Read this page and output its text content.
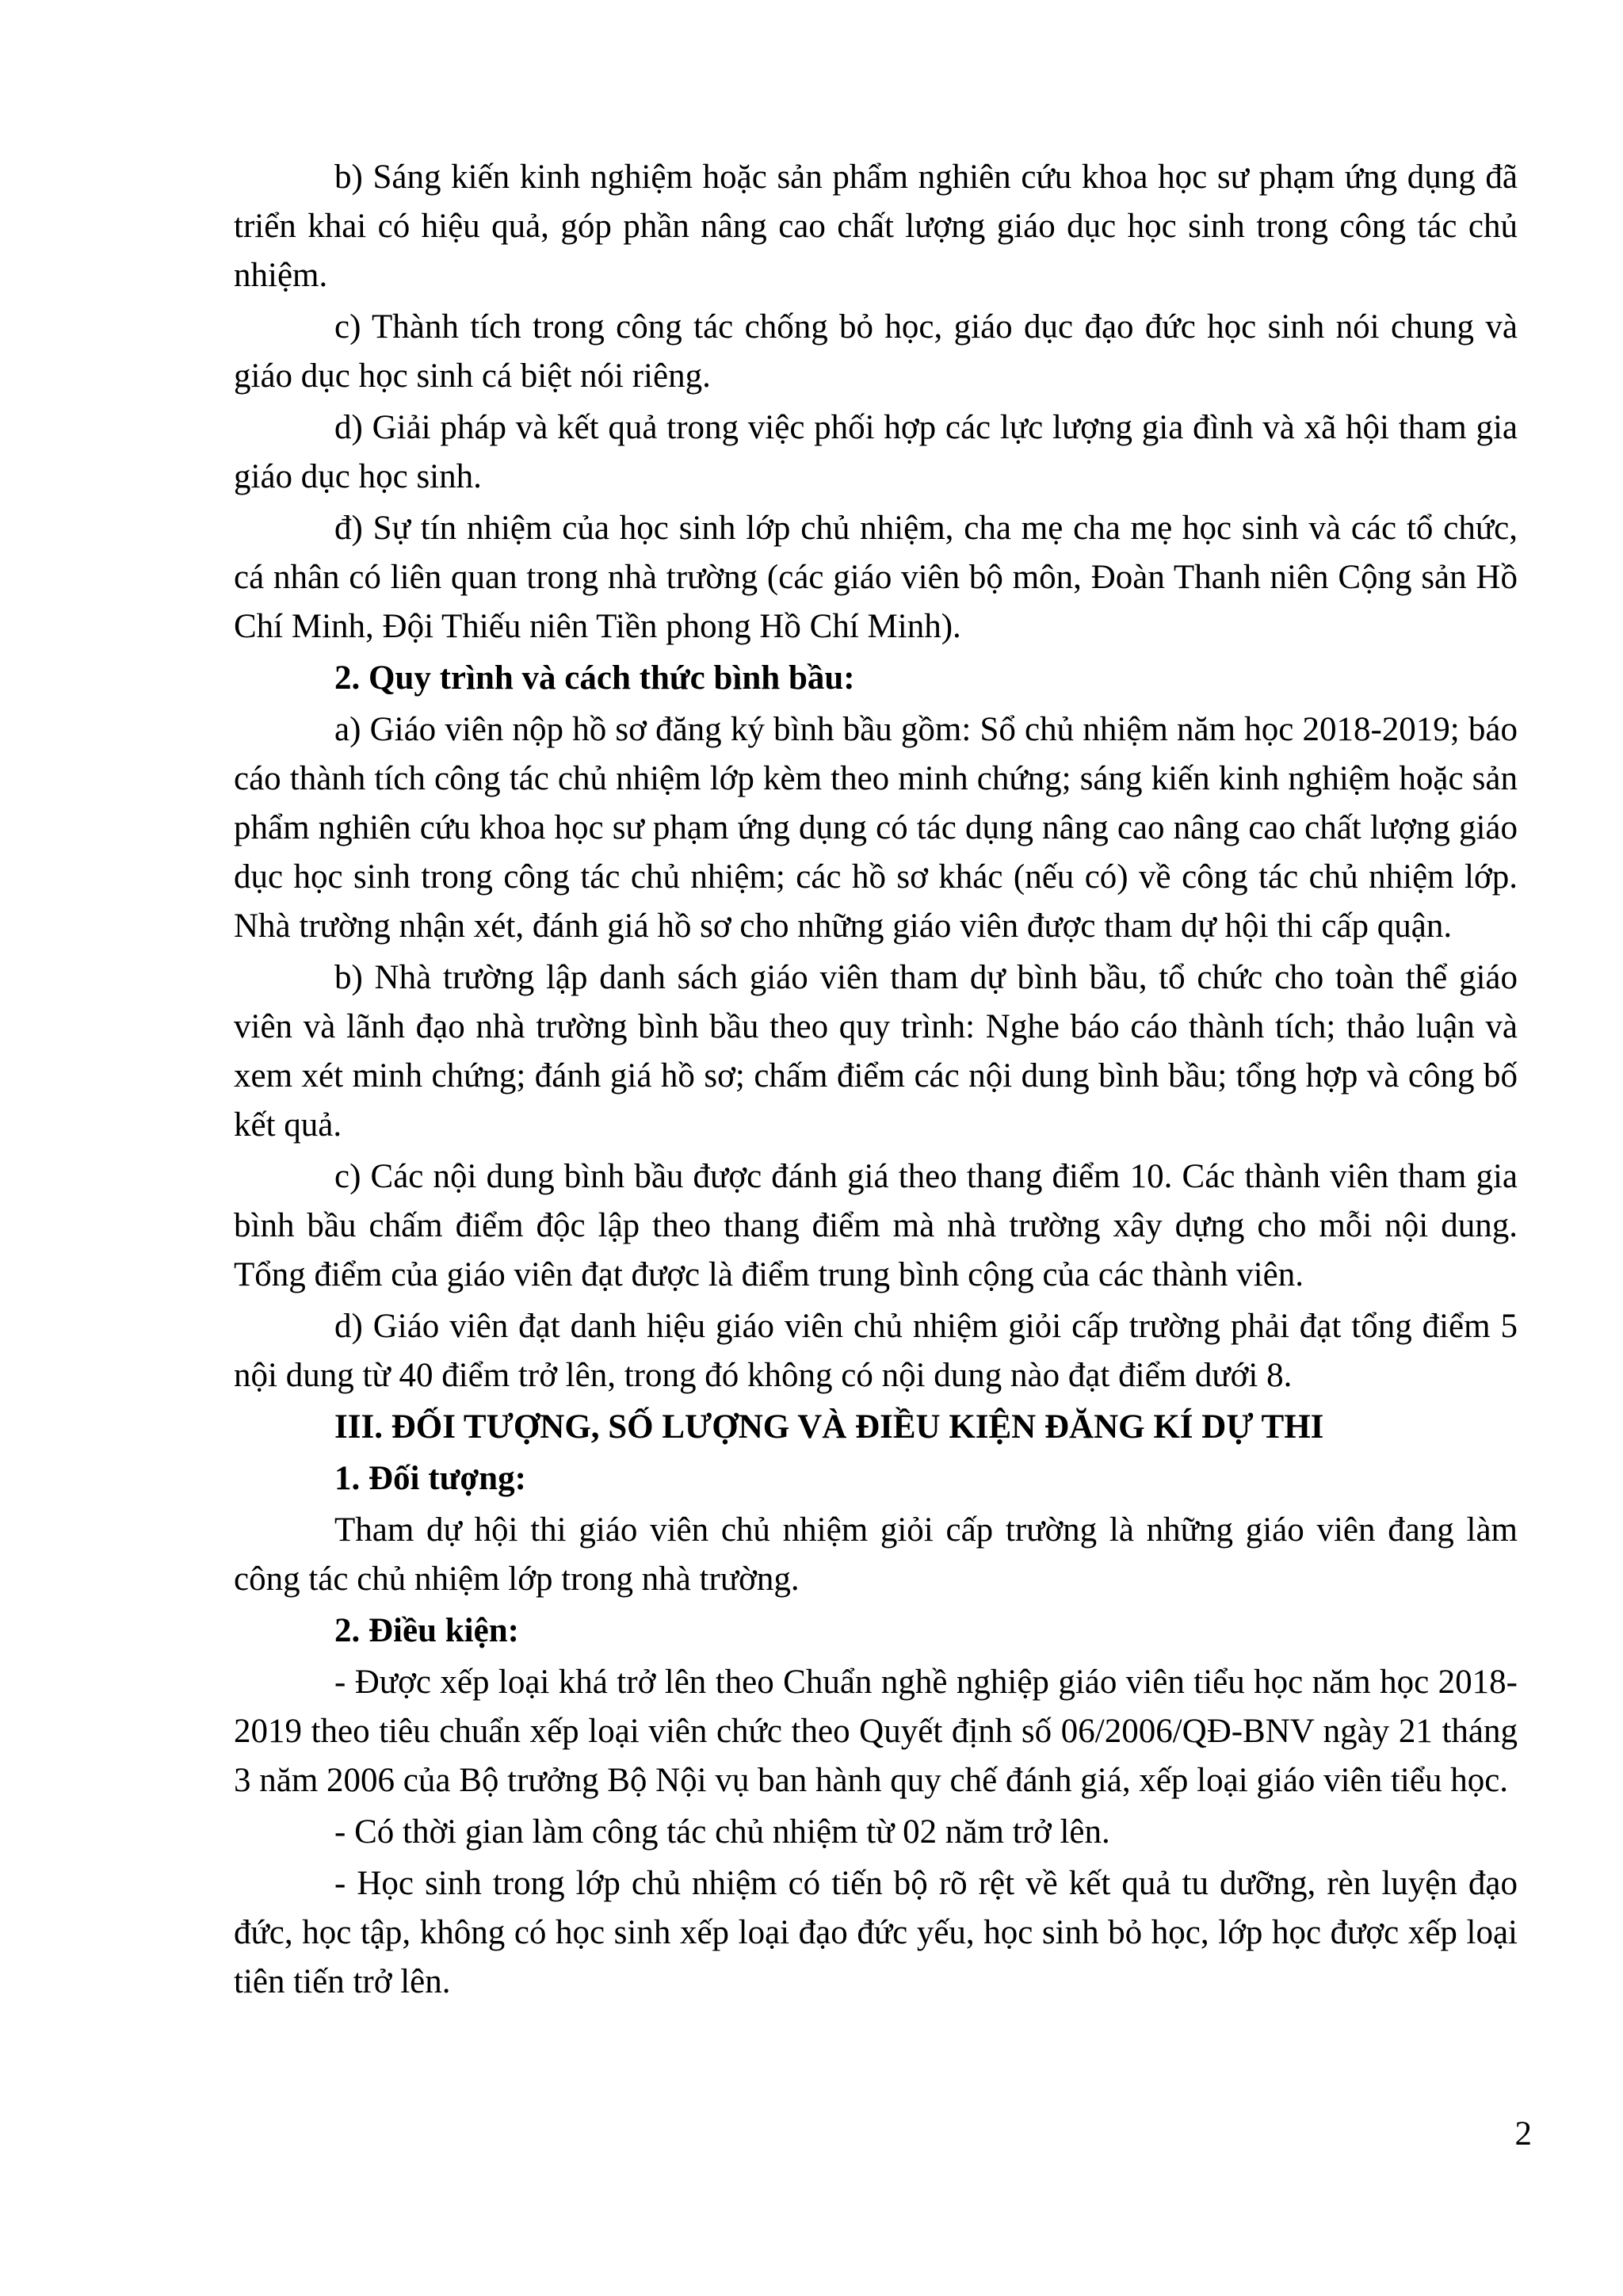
b) Sáng kiến kinh nghiệm hoặc sản phẩm nghiên cứu khoa học sư phạm ứng dụng đã triển khai có hiệu quả, góp phần nâng cao chất lượng giáo dục học sinh trong công tác chủ nhiệm.

c) Thành tích trong công tác chống bỏ học, giáo dục đạo đức học sinh nói chung và giáo dục học sinh cá biệt nói riêng.

d) Giải pháp và kết quả trong việc phối hợp các lực lượng gia đình và xã hội tham gia giáo dục học sinh.

đ) Sự tín nhiệm của học sinh lớp chủ nhiệm, cha mẹ cha mẹ học sinh và các tổ chức, cá nhân có liên quan trong nhà trường (các giáo viên bộ môn, Đoàn Thanh niên Cộng sản Hồ Chí Minh, Đội Thiếu niên Tiền phong Hồ Chí Minh).

2. Quy trình và cách thức bình bầu:

a) Giáo viên nộp hồ sơ đăng ký bình bầu gồm: Sổ chủ nhiệm năm học 2018-2019; báo cáo thành tích công tác chủ nhiệm lớp kèm theo minh chứng; sáng kiến kinh nghiệm hoặc sản phẩm nghiên cứu khoa học sư phạm ứng dụng có tác dụng nâng cao nâng cao chất lượng giáo dục học sinh trong công tác chủ nhiệm; các hồ sơ khác (nếu có) về công tác chủ nhiệm lớp. Nhà trường nhận xét, đánh giá hồ sơ cho những giáo viên được tham dự hội thi cấp quận.

b) Nhà trường lập danh sách giáo viên tham dự bình bầu, tổ chức cho toàn thể giáo viên và lãnh đạo nhà trường bình bầu theo quy trình: Nghe báo cáo thành tích; thảo luận và xem xét minh chứng; đánh giá hồ sơ; chấm điểm các nội dung bình bầu; tổng hợp và công bố kết quả.

c) Các nội dung bình bầu được đánh giá theo thang điểm 10. Các thành viên tham gia bình bầu chấm điểm độc lập theo thang điểm mà nhà trường xây dựng cho mỗi nội dung. Tổng điểm của giáo viên đạt được là điểm trung bình cộng của các thành viên.

d) Giáo viên đạt danh hiệu giáo viên chủ nhiệm giỏi cấp trường phải đạt tổng điểm 5 nội dung từ 40 điểm trở lên, trong đó không có nội dung nào đạt điểm dưới 8.

III. ĐỐI TƯỢNG, SỐ LƯỢNG VÀ ĐIỀU KIỆN ĐĂNG KÍ DỰ THI

1. Đối tượng:

Tham dự hội thi giáo viên chủ nhiệm giỏi cấp trường là những giáo viên đang làm công tác chủ nhiệm lớp trong nhà trường.

2. Điều kiện:

- Được xếp loại khá trở lên theo Chuẩn nghề nghiệp giáo viên tiểu học năm học 2018-2019 theo tiêu chuẩn xếp loại viên chức theo Quyết định số 06/2006/QĐ-BNV ngày 21 tháng 3 năm 2006 của Bộ trưởng Bộ Nội vụ ban hành quy chế đánh giá, xếp loại giáo viên tiểu học.

- Có thời gian làm công tác chủ nhiệm từ 02 năm trở lên.

- Học sinh trong lớp chủ nhiệm có tiến bộ rõ rệt về kết quả tu dưỡng, rèn luyện đạo đức, học tập, không có học sinh xếp loại đạo đức yếu, học sinh bỏ học, lớp học được xếp loại tiên tiến trở lên.

2
